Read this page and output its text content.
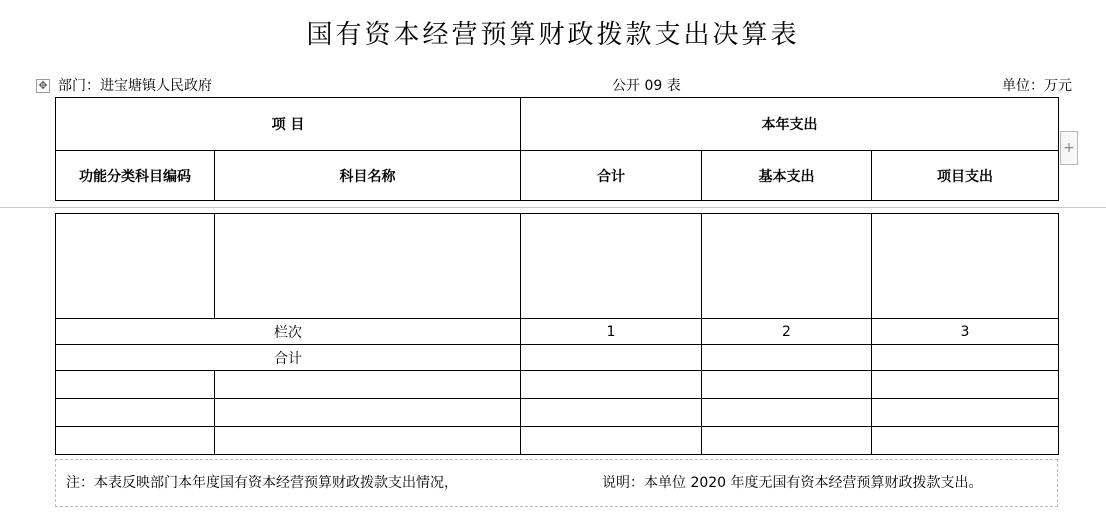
国有资本经营预算财政拨款支出决算表
✥ 部门：进宝塘镇人民政府	公开 09 表	单位：万元
+
项 目		本年支出		
功能分类科目编码	科目名称	合计	基本支出	项目支出

栏次		1	2	3
合计				

注：本表反映部门本年度国有资本经营预算财政拨款支出情况，	说明：本单位 2020 年度无国有资本经营预算财政拨款支出。
